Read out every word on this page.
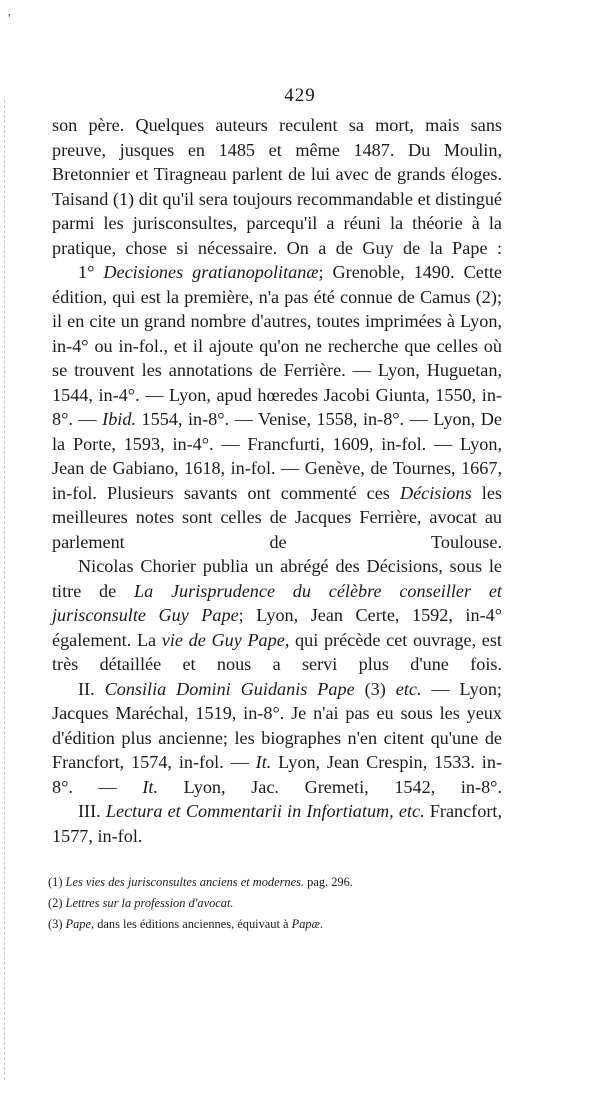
'
429

son père. Quelques auteurs reculent sa mort, mais sans preuve, jusques en 1485 et même 1487. Du Moulin, Bretonnier et Tiragneau parlent de lui avec de grands éloges. Taisand (1) dit qu'il sera toujours recommandable et distingué parmi les jurisconsultes, parcequ'il a réuni la théorie à la pratique, chose si nécessaire. On a de Guy de la Pape :

1° Decisiones gratianopolitanæ; Grenoble, 1490. Cette édition, qui est la première, n'a pas été connue de Camus (2); il en cite un grand nombre d'autres, toutes imprimées à Lyon, in-4° ou in-fol., et il ajoute qu'on ne recherche que celles où se trouvent les annotations de Ferrière. — Lyon, Huguetan, 1544, in-4°. — Lyon, apud hœredes Jacobi Giunta, 1550, in-8°. — Ibid. 1554, in-8°. — Venise, 1558, in-8°. — Lyon, De la Porte, 1593, in-4°. — Francfurti, 1609, in-fol. — Lyon, Jean de Gabiano, 1618, in-fol. — Genève, de Tournes, 1667, in-fol. Plusieurs savants ont commenté ces Décisions les meilleures notes sont celles de Jacques Ferrière, avocat au parlement de Toulouse.

Nicolas Chorier publia un abrégé des Décisions, sous le titre de La Jurisprudence du célèbre conseiller et jurisconsulte Guy Pape; Lyon, Jean Certe, 1592, in-4° également. La vie de Guy Pape, qui précède cet ouvrage, est très détaillée et nous a servi plus d'une fois.

II. Consilia Domini Guidanis Pape (3) etc. — Lyon; Jacques Maréchal, 1519, in-8°. Je n'ai pas eu sous les yeux d'édition plus ancienne; les biographes n'en citent qu'une de Francfort, 1574, in-fol. — It. Lyon, Jean Crespin, 1533. in-8°. — It. Lyon, Jac. Gremeti, 1542, in-8°.

III. Lectura et Commentarii in Infortiatum, etc. Francfort, 1577, in-fol.

(1) Les vies des jurisconsultes anciens et modernes. pag. 296.

(2) Lettres sur la profession d'avocat.

(3) Pape, dans les éditions anciennes, équivaut à Papæ.
